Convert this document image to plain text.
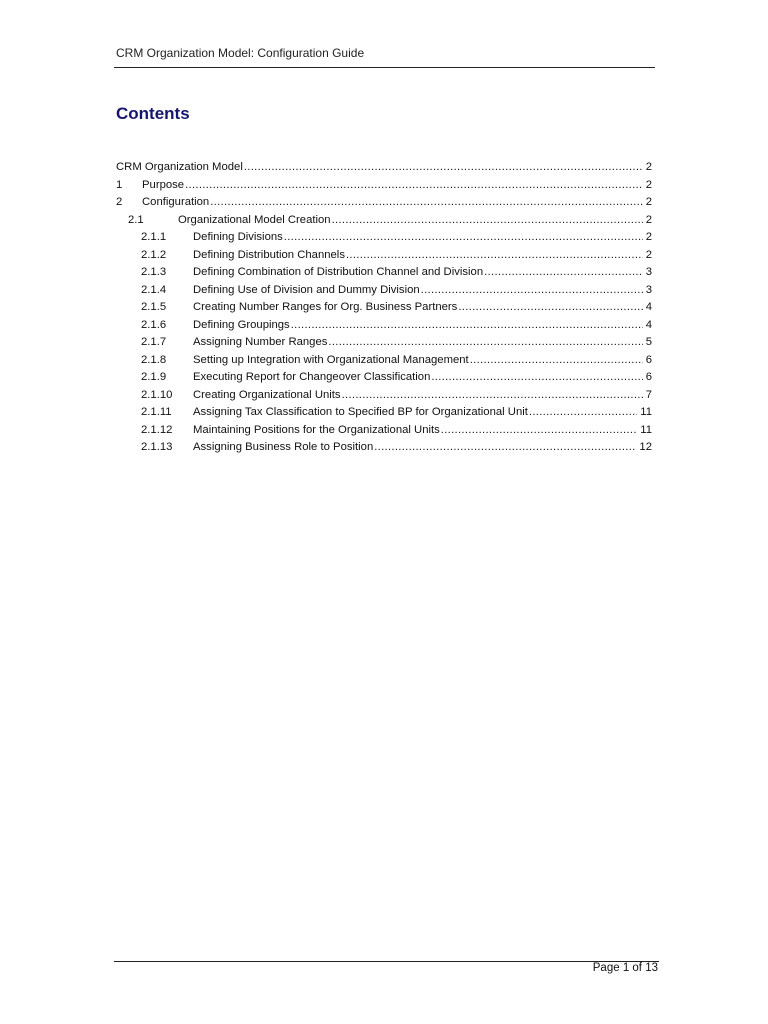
CRM Organization Model: Configuration Guide
Contents
CRM Organization Model .....	2
1 Purpose .....	2
2 Configuration .....	2
2.1	Organizational Model Creation .....	2
2.1.1 Defining Divisions .....	2
2.1.2 Defining Distribution Channels .....	2
2.1.3 Defining Combination of Distribution Channel and Division .....	3
2.1.4 Defining Use of Division and Dummy Division .....	3
2.1.5 Creating Number Ranges for Org. Business Partners .....	4
2.1.6 Defining Groupings .....	4
2.1.7 Assigning Number Ranges .....	5
2.1.8 Setting up Integration with Organizational Management .....	6
2.1.9 Executing Report for Changeover Classification .....	6
2.1.10 Creating Organizational Units .....	7
2.1.11 Assigning Tax Classification to Specified BP for Organizational Unit .....	11
2.1.12 Maintaining Positions for the Organizational Units .....	11
2.1.13 Assigning Business Role to Position .....	12
Page 1 of 13
